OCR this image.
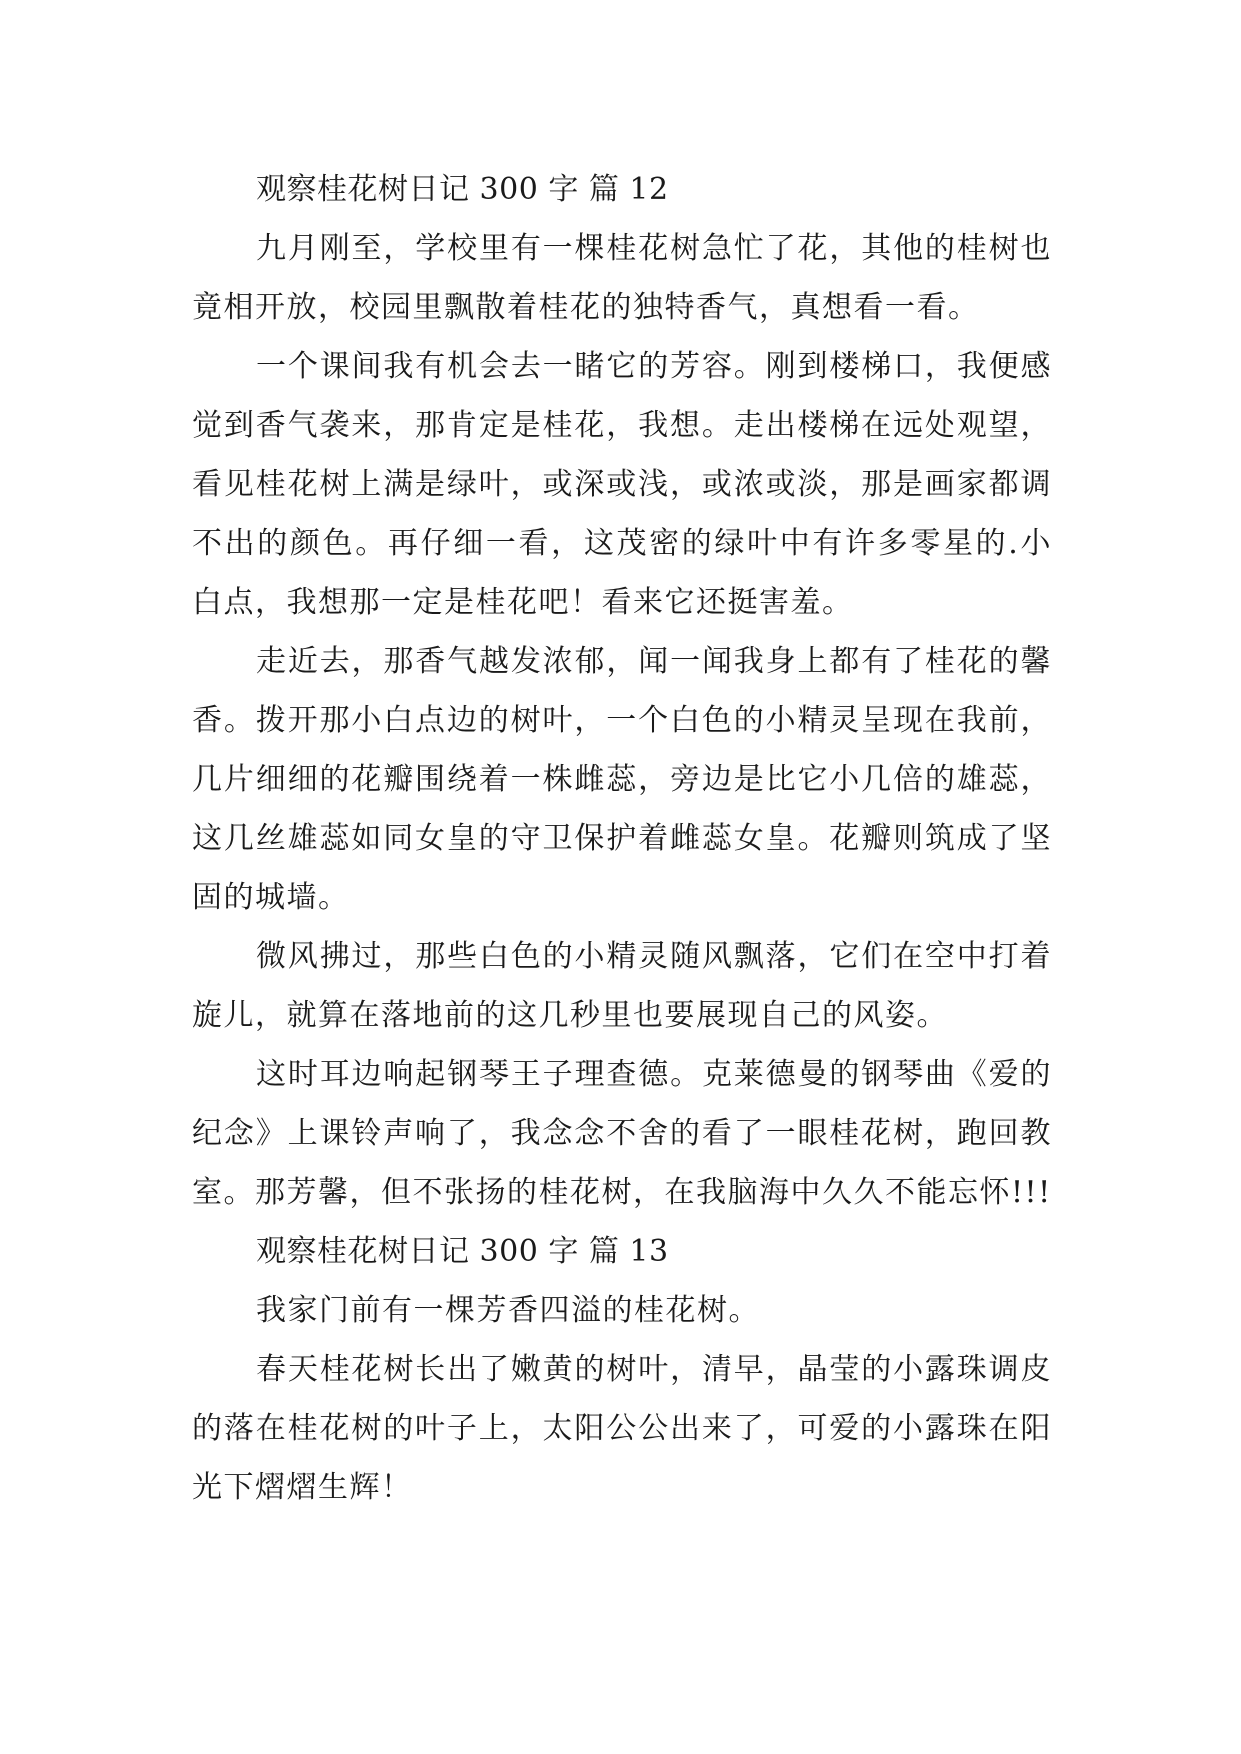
观察桂花树日记 300 字 篇 12

九月刚至，学校里有一棵桂花树急忙了花，其他的桂树也竟相开放，校园里飘散着桂花的独特香气，真想看一看。

一个课间我有机会去一睹它的芳容。刚到楼梯口，我便感觉到香气袭来，那肯定是桂花，我想。走出楼梯在远处观望，看见桂花树上满是绿叶，或深或浅，或浓或淡，那是画家都调不出的颜色。再仔细一看，这茂密的绿叶中有许多零星的.小白点，我想那一定是桂花吧！看来它还挺害羞。

走近去，那香气越发浓郁，闻一闻我身上都有了桂花的馨香。拨开那小白点边的树叶，一个白色的小精灵呈现在我前，几片细细的花瓣围绕着一株雌蕊，旁边是比它小几倍的雄蕊，这几丝雄蕊如同女皇的守卫保护着雌蕊女皇。花瓣则筑成了坚固的城墙。

微风拂过，那些白色的小精灵随风飘落，它们在空中打着旋儿，就算在落地前的这几秒里也要展现自己的风姿。

这时耳边响起钢琴王子理查德。克莱德曼的钢琴曲《爱的纪念》上课铃声响了，我念念不舍的看了一眼桂花树，跑回教室。那芳馨，但不张扬的桂花树，在我脑海中久久不能忘怀!!!

观察桂花树日记 300 字 篇 13

我家门前有一棵芳香四溢的桂花树。

春天桂花树长出了嫩黄的树叶，清早，晶莹的小露珠调皮的落在桂花树的叶子上，太阳公公出来了，可爱的小露珠在阳光下熠熠生辉！
